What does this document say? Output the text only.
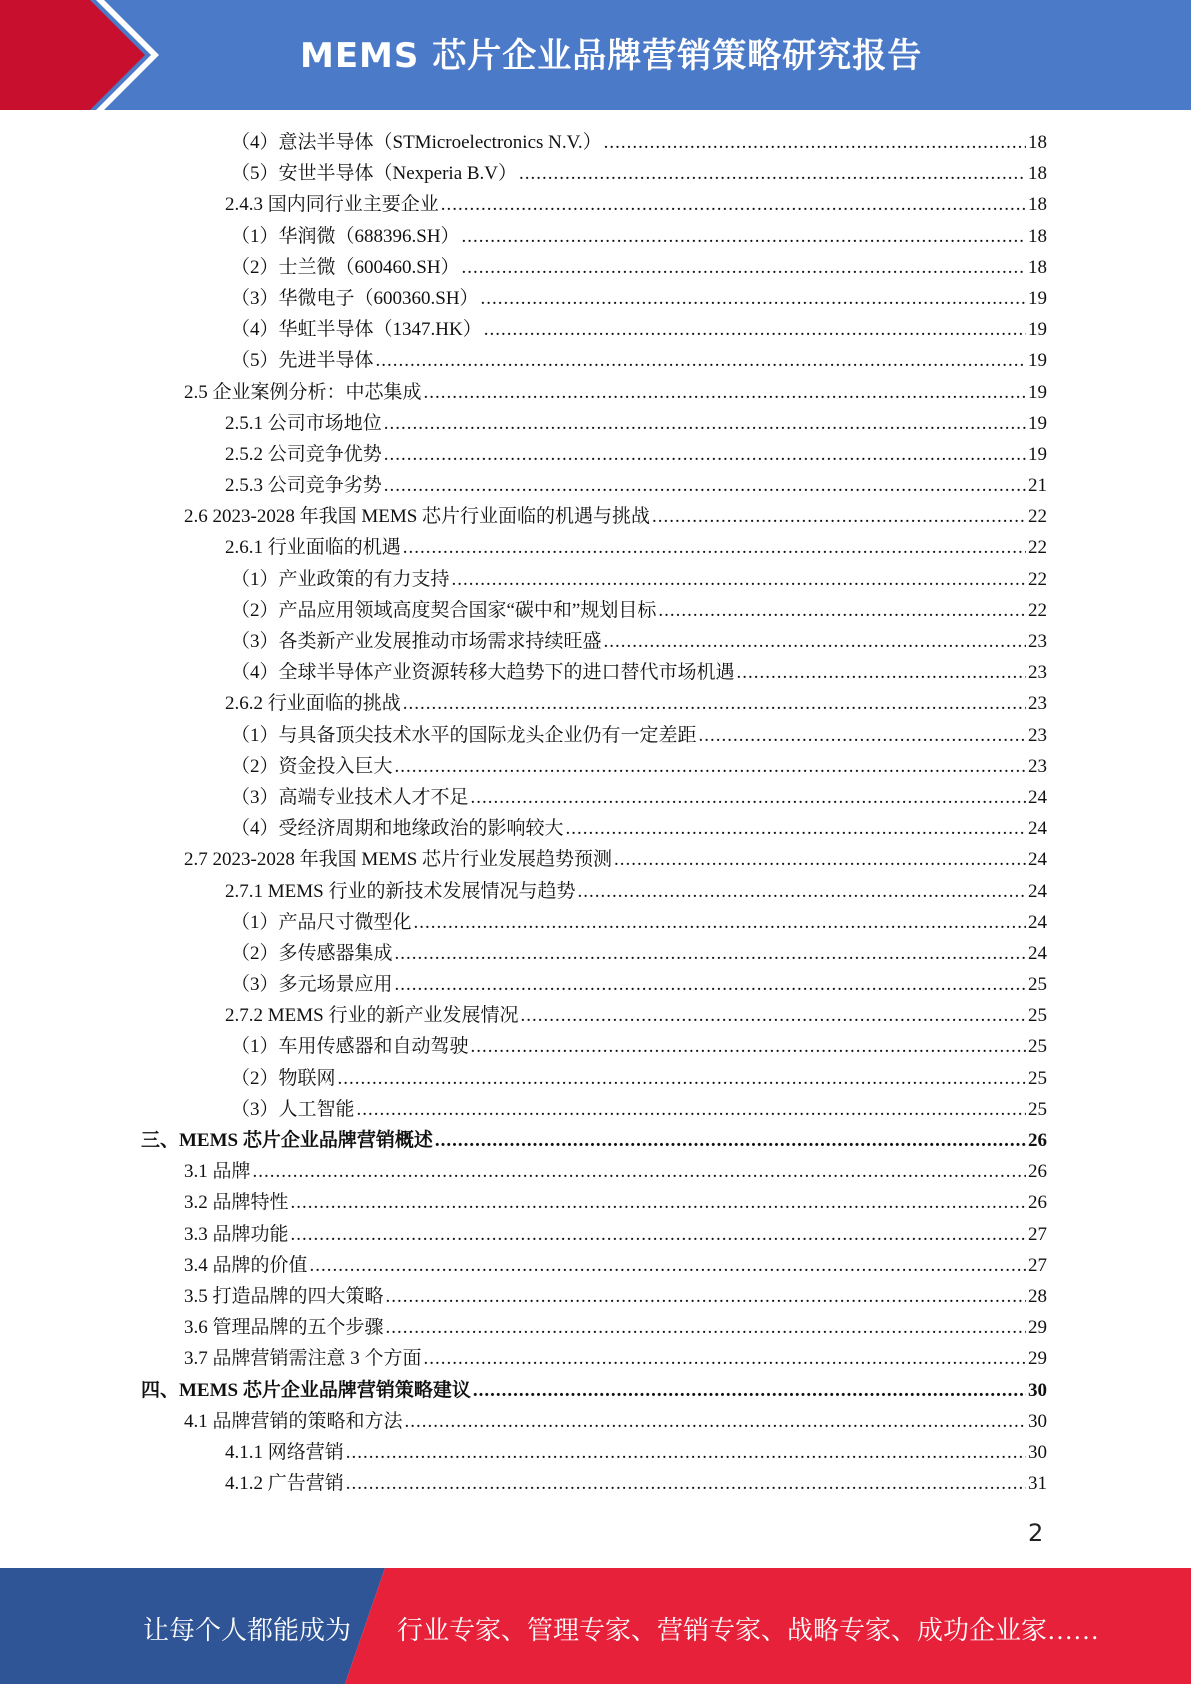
MEMS 芯片企业品牌营销策略研究报告
（4）意法半导体（STMicroelectronics N.V.） .....	18
（5）安世半导体（Nexperia B.V） .....	18
2.4.3 国内同行业主要企业 .....	18
（1）华润微（688396.SH） .....	18
（2）士兰微（600460.SH） .....	18
（3）华微电子（600360.SH） .....	19
（4）华虹半导体（1347.HK） .....	19
（5）先进半导体 .....	19
2.5 企业案例分析：中芯集成 .....	19
2.5.1 公司市场地位 .....	19
2.5.2 公司竞争优势 .....	19
2.5.3 公司竞争劣势 .....	21
2.6 2023-2028 年我国 MEMS 芯片行业面临的机遇与挑战 .....	22
2.6.1 行业面临的机遇 .....	22
（1）产业政策的有力支持 .....	22
（2）产品应用领域高度契合国家“碳中和”规划目标 .....	22
（3）各类新产业发展推动市场需求持续旺盛 .....	23
（4）全球半导体产业资源转移大趋势下的进口替代市场机遇 .....	23
2.6.2 行业面临的挑战 .....	23
（1）与具备顶尖技术水平的国际龙头企业仍有一定差距 .....	23
（2）资金投入巨大 .....	23
（3）高端专业技术人才不足 .....	24
（4）受经济周期和地缘政治的影响较大 .....	24
2.7 2023-2028 年我国 MEMS 芯片行业发展趋势预测 .....	24
2.7.1 MEMS 行业的新技术发展情况与趋势 .....	24
（1）产品尺寸微型化 .....	24
（2）多传感器集成 .....	24
（3）多元场景应用 .....	25
2.7.2 MEMS 行业的新产业发展情况 .....	25
（1）车用传感器和自动驾驶 .....	25
（2）物联网 .....	25
（3）人工智能 .....	25
三、MEMS 芯片企业品牌营销概述 .....	26
3.1 品牌 .....	26
3.2 品牌特性 .....	26
3.3 品牌功能 .....	27
3.4 品牌的价值 .....	27
3.5 打造品牌的四大策略 .....	28
3.6 管理品牌的五个步骤 .....	29
3.7 品牌营销需注意 3 个方面 .....	29
四、MEMS 芯片企业品牌营销策略建议 .....	30
4.1 品牌营销的策略和方法 .....	30
4.1.1 网络营销 .....	30
4.1.2 广告营销 .....	31
2
让每个人都能成为 行业专家、管理专家、营销专家、战略专家、成功企业家……
